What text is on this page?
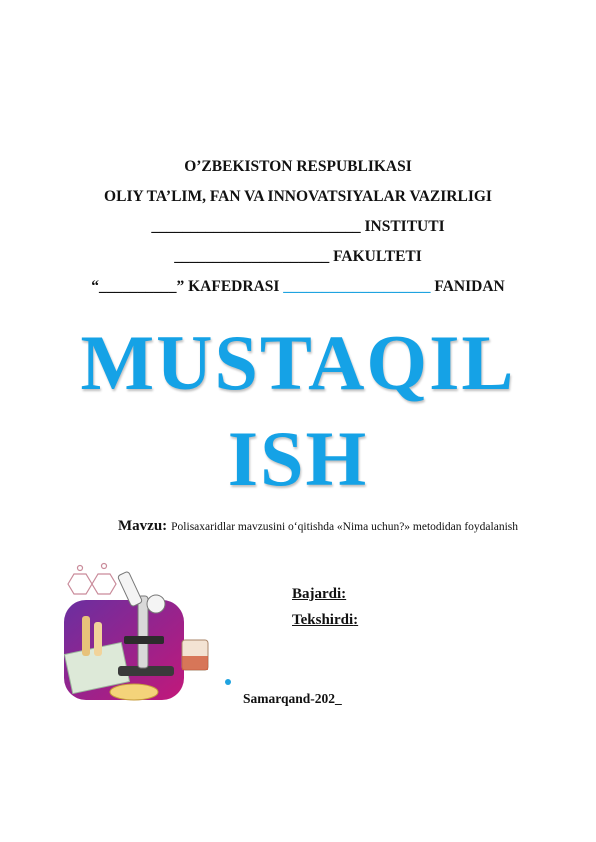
O’ZBEKISTON RESPUBLIKASI
OLIY TA’LIM, FAN VA INNOVATSIYALAR VAZIRLIGI
___________________________ INSTITUTI
____________________ FAKULTETI
“__________” KAFEDRASI ___________________ FANIDAN
MUSTAQIL
ISH
Mavzu: Polisaxaridlar mavzusini o‘qitishda «Nima uchun?» metodidan foydalanish
Bajardi:
Tekshirdi:
Samarqand-202_
